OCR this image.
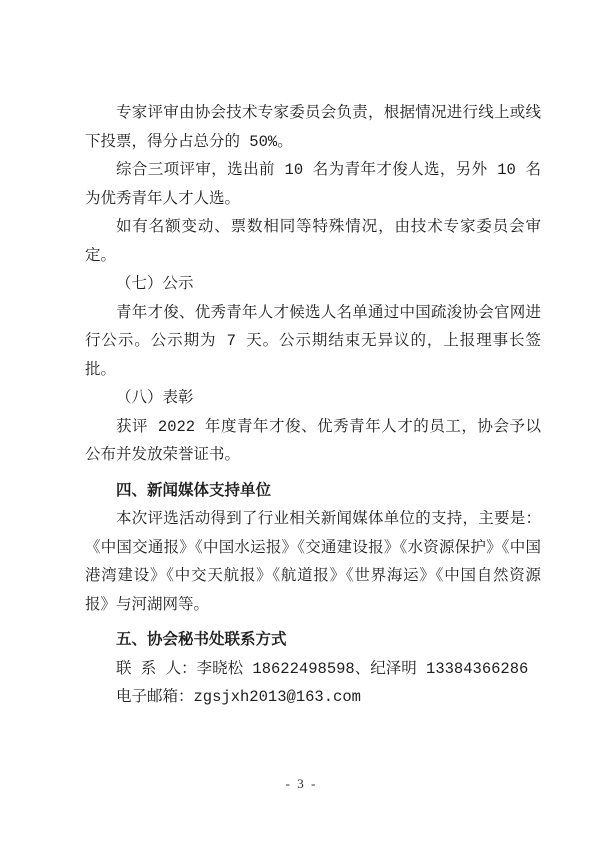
专家评审由协会技术专家委员会负责，根据情况进行线上或线下投票，得分占总分的 50%。

综合三项评审，选出前 10 名为青年才俊人选，另外 10 名为优秀青年人才人选。

如有名额变动、票数相同等特殊情况，由技术专家委员会审定。

（七）公示

青年才俊、优秀青年人才候选人名单通过中国疏浚协会官网进行公示。公示期为 7 天。公示期结束无异议的，上报理事长签批。

（八）表彰

获评 2022 年度青年才俊、优秀青年人才的员工，协会予以公布并发放荣誉证书。

四、新闻媒体支持单位

本次评选活动得到了行业相关新闻媒体单位的支持，主要是：《中国交通报》《中国水运报》《交通建设报》《水资源保护》《中国港湾建设》《中交天航报》《航道报》《世界海运》《中国自然资源报》与河湖网等。

五、协会秘书处联系方式

联 系 人：李晓松 18622498598、纪泽明 13384366286

电子邮箱：zgsjxh2013@163.com

- 3 -
